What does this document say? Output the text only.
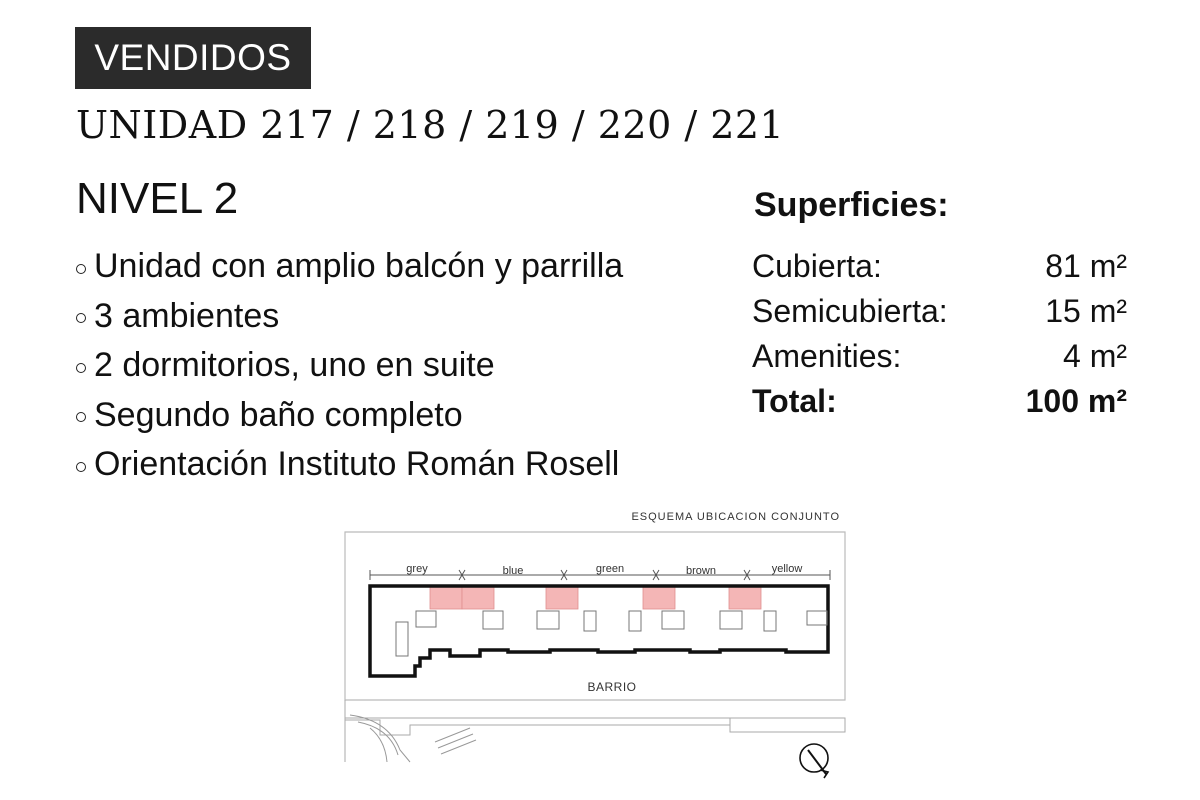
VENDIDOS
UNIDAD 217 / 218 / 219 / 220 / 221
NIVEL 2
Unidad con amplio balcón y parrilla
3 ambientes
2 dormitorios, uno en suite
Segundo baño completo
Orientación Instituto Román Rosell
Superficies:
Cubierta:	81 m²
Semicubierta:	15 m²
Amenities:	4 m²
Total:	100 m²
ESQUEMA UBICACION CONJUNTO
grey	blue	green	brown	yellow
BARRIO
